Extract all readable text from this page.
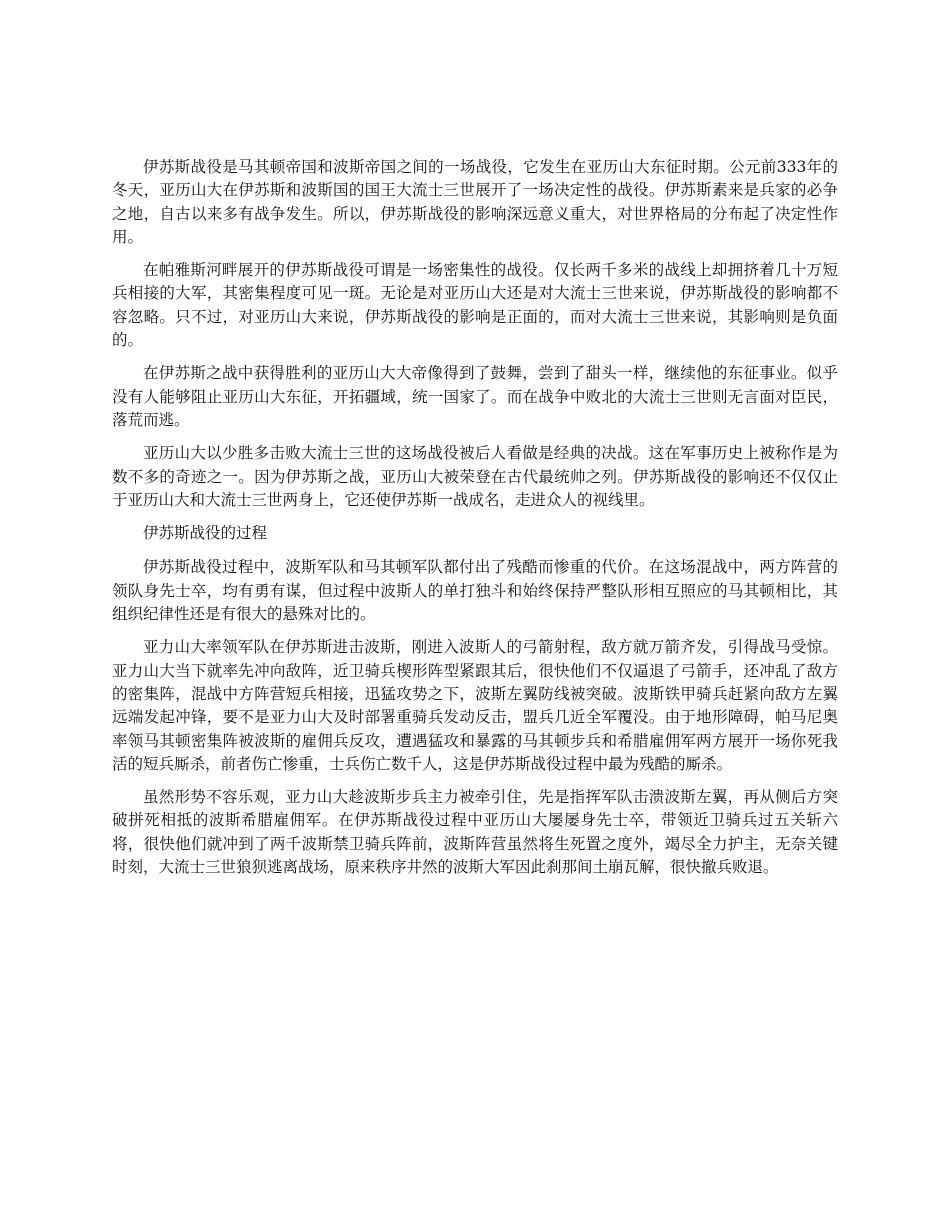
伊苏斯战役是马其顿帝国和波斯帝国之间的一场战役，它发生在亚历山大东征时期。公元前333年的冬天，亚历山大在伊苏斯和波斯国的国王大流士三世展开了一场决定性的战役。伊苏斯素来是兵家的必争之地，自古以来多有战争发生。所以，伊苏斯战役的影响深远意义重大，对世界格局的分布起了决定性作用。

在帕雅斯河畔展开的伊苏斯战役可谓是一场密集性的战役。仅长两千多米的战线上却拥挤着几十万短兵相接的大军，其密集程度可见一斑。无论是对亚历山大还是对大流士三世来说，伊苏斯战役的影响都不容忽略。只不过，对亚历山大来说，伊苏斯战役的影响是正面的，而对大流士三世来说，其影响则是负面的。

在伊苏斯之战中获得胜利的亚历山大大帝像得到了鼓舞，尝到了甜头一样，继续他的东征事业。似乎没有人能够阻止亚历山大东征，开拓疆域，统一国家了。而在战争中败北的大流士三世则无言面对臣民，落荒而逃。

亚历山大以少胜多击败大流士三世的这场战役被后人看做是经典的决战。这在军事历史上被称作是为数不多的奇迹之一。因为伊苏斯之战，亚历山大被荣登在古代最统帅之列。伊苏斯战役的影响还不仅仅止于亚历山大和大流士三世两身上，它还使伊苏斯一战成名，走进众人的视线里。

伊苏斯战役的过程

伊苏斯战役过程中，波斯军队和马其顿军队都付出了残酷而惨重的代价。在这场混战中，两方阵营的领队身先士卒，均有勇有谋，但过程中波斯人的单打独斗和始终保持严整队形相互照应的马其顿相比，其组织纪律性还是有很大的悬殊对比的。

亚力山大率领军队在伊苏斯进击波斯，刚进入波斯人的弓箭射程，敌方就万箭齐发，引得战马受惊。亚力山大当下就率先冲向敌阵，近卫骑兵楔形阵型紧跟其后，很快他们不仅逼退了弓箭手，还冲乱了敌方的密集阵，混战中方阵营短兵相接，迅猛攻势之下，波斯左翼防线被突破。波斯铁甲骑兵赶紧向敌方左翼远端发起冲锋，要不是亚力山大及时部署重骑兵发动反击，盟兵几近全军覆没。由于地形障碍，帕马尼奥率领马其顿密集阵被波斯的雇佣兵反攻，遭遇猛攻和暴露的马其顿步兵和希腊雇佣军两方展开一场你死我活的短兵厮杀，前者伤亡惨重，士兵伤亡数千人，这是伊苏斯战役过程中最为残酷的厮杀。

虽然形势不容乐观，亚力山大趁波斯步兵主力被牵引住，先是指挥军队击溃波斯左翼，再从侧后方突破拼死相抵的波斯希腊雇佣军。在伊苏斯战役过程中亚历山大屡屡身先士卒，带领近卫骑兵过五关斩六将，很快他们就冲到了两千波斯禁卫骑兵阵前，波斯阵营虽然将生死置之度外，竭尽全力护主，无奈关键时刻，大流士三世狼狈逃离战场，原来秩序井然的波斯大军因此刹那间土崩瓦解，很快撤兵败退。
